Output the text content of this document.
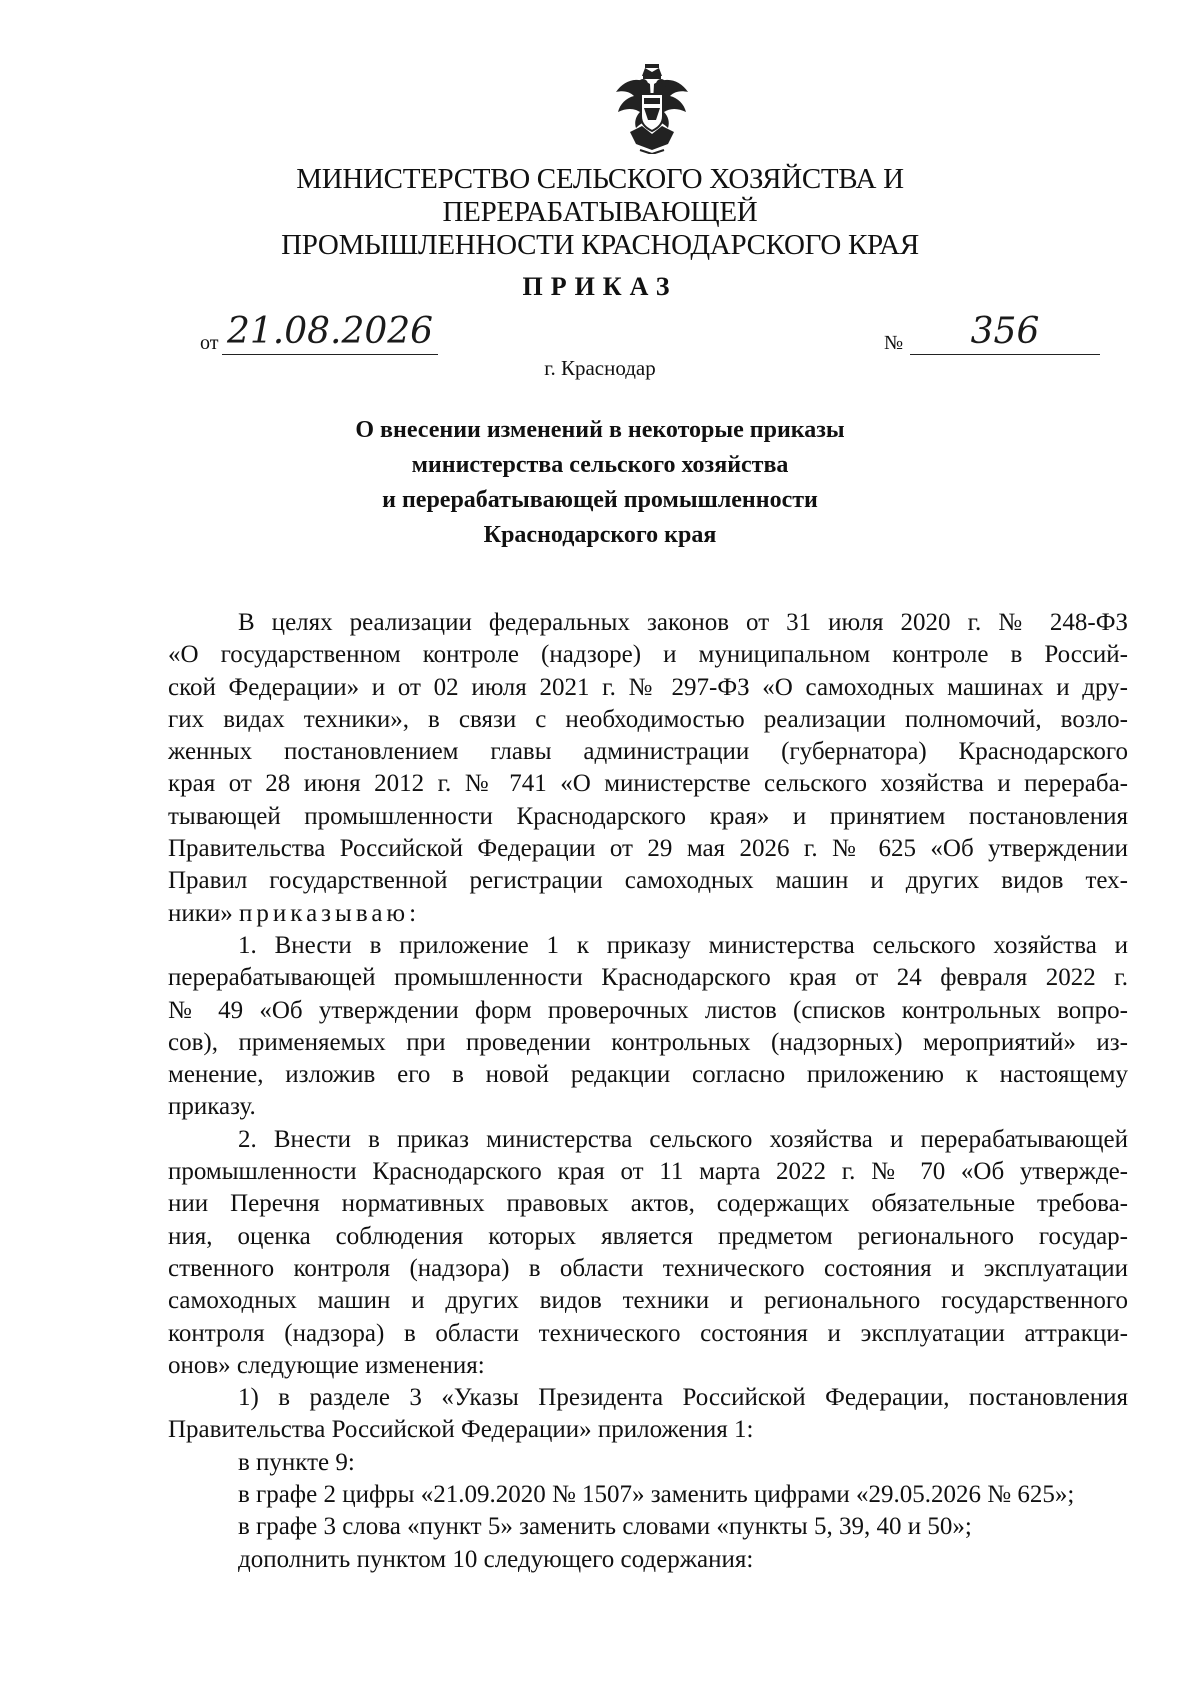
МИНИСТЕРСТВО СЕЛЬСКОГО ХОЗЯЙСТВА И ПЕРЕРАБАТЫВАЮЩЕЙ
ПРОМЫШЛЕННОСТИ КРАСНОДАРСКОГО КРАЯ
ПРИКАЗ
от 21.08.2026	№	356
г. Краснодар
О внесении изменений в некоторые приказы
министерства сельского хозяйства
и перерабатывающей промышленности
Краснодарского края
В целях реализации федеральных законов от 31 июля 2020 г. № 248-ФЗ
«О государственном контроле (надзоре) и муниципальном контроле в Россий-
ской Федерации» и от 02 июля 2021 г. № 297-ФЗ «О самоходных машинах и дру-
гих видах техники», в связи с необходимостью реализации полномочий, возло-
женных постановлением главы администрации (губернатора) Краснодарского
края от 28 июня 2012 г. № 741 «О министерстве сельского хозяйства и перераба-
тывающей промышленности Краснодарского края» и принятием постановления
Правительства Российской Федерации от 29 мая 2026 г. № 625 «Об утверждении
Правил государственной регистрации самоходных машин и других видов тех-
ники» приказываю:
1. Внести в приложение 1 к приказу министерства сельского хозяйства и
перерабатывающей промышленности Краснодарского края от 24 февраля 2022 г.
№ 49 «Об утверждении форм проверочных листов (списков контрольных вопро-
сов), применяемых при проведении контрольных (надзорных) мероприятий» из-
менение, изложив его в новой редакции согласно приложению к настоящему
приказу.
2. Внести в приказ министерства сельского хозяйства и перерабатывающей
промышленности Краснодарского края от 11 марта 2022 г. № 70 «Об утвержде-
нии Перечня нормативных правовых актов, содержащих обязательные требова-
ния, оценка соблюдения которых является предметом регионального государ-
ственного контроля (надзора) в области технического состояния и эксплуатации
самоходных машин и других видов техники и регионального государственного
контроля (надзора) в области технического состояния и эксплуатации аттракци-
онов» следующие изменения:
1) в разделе 3 «Указы Президента Российской Федерации, постановления
Правительства Российской Федерации» приложения 1:
в пункте 9:
в графе 2 цифры «21.09.2020 № 1507» заменить цифрами «29.05.2026 № 625»;
в графе 3 слова «пункт 5» заменить словами «пункты 5, 39, 40 и 50»;
дополнить пунктом 10 следующего содержания:
